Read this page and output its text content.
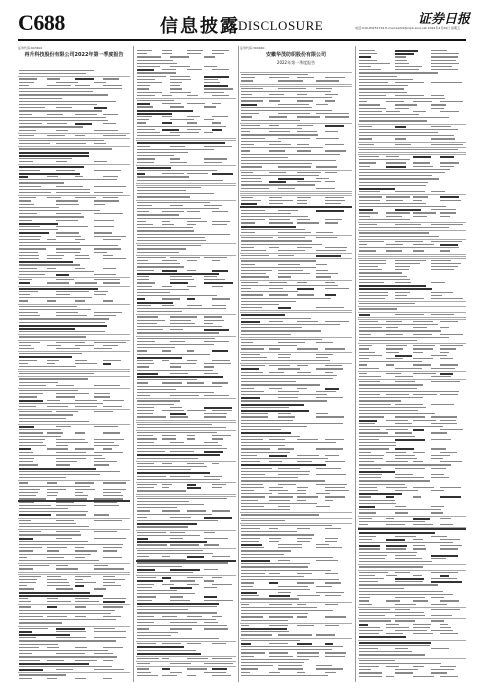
C688	信息披露
DISCLOSURE	证券日报
电话:010-83251716 E-mail:zqrb9@zqrb.sina.net 2022年4月29日 星期五
证券代码:603601
再升科技股份有限公司2022年第一季度报告
证券代码:300040
安徽华茂纺织股份有限公司
2022年第一季度报告
